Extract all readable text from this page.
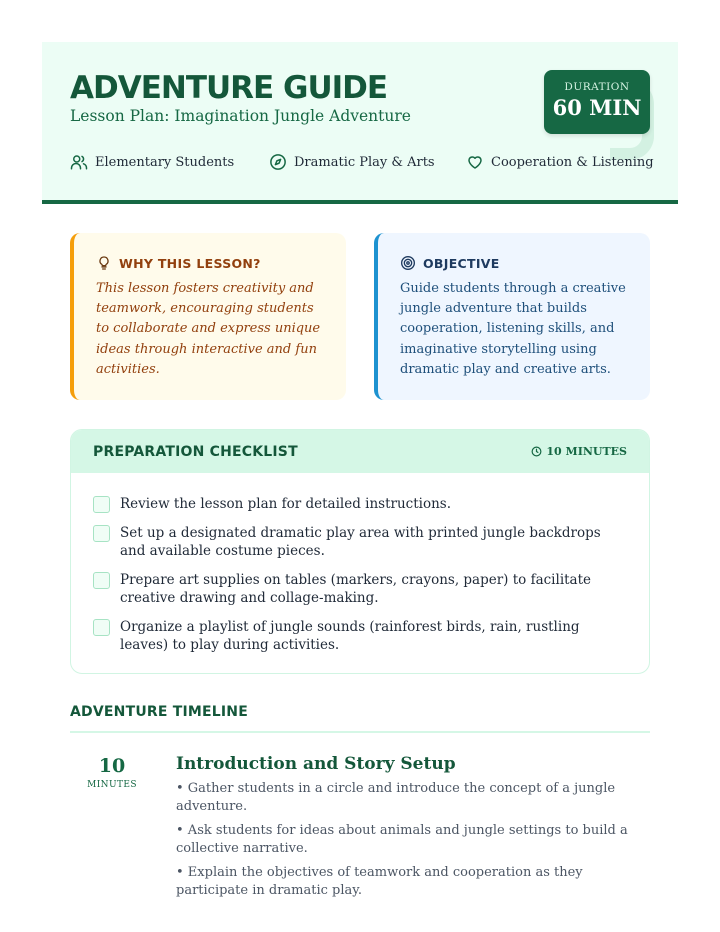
ADVENTURE GUIDE
Lesson Plan: Imagination Jungle Adventure
DURATION
60 MIN
Elementary Students	Dramatic Play & Arts	Cooperation & Listening
WHY THIS LESSON?
This lesson fosters creativity and teamwork, encouraging students to collaborate and express unique ideas through interactive and fun activities.
OBJECTIVE
Guide students through a creative jungle adventure that builds cooperation, listening skills, and imaginative storytelling using dramatic play and creative arts.
PREPARATION CHECKLIST	10 MINUTES
Review the lesson plan for detailed instructions.
Set up a designated dramatic play area with printed jungle backdrops and available costume pieces.
Prepare art supplies on tables (markers, crayons, paper) to facilitate creative drawing and collage-making.
Organize a playlist of jungle sounds (rainforest birds, rain, rustling leaves) to play during activities.
ADVENTURE TIMELINE
10
MINUTES
Introduction and Story Setup
• Gather students in a circle and introduce the concept of a jungle adventure.
• Ask students for ideas about animals and jungle settings to build a collective narrative.
• Explain the objectives of teamwork and cooperation as they participate in dramatic play.
